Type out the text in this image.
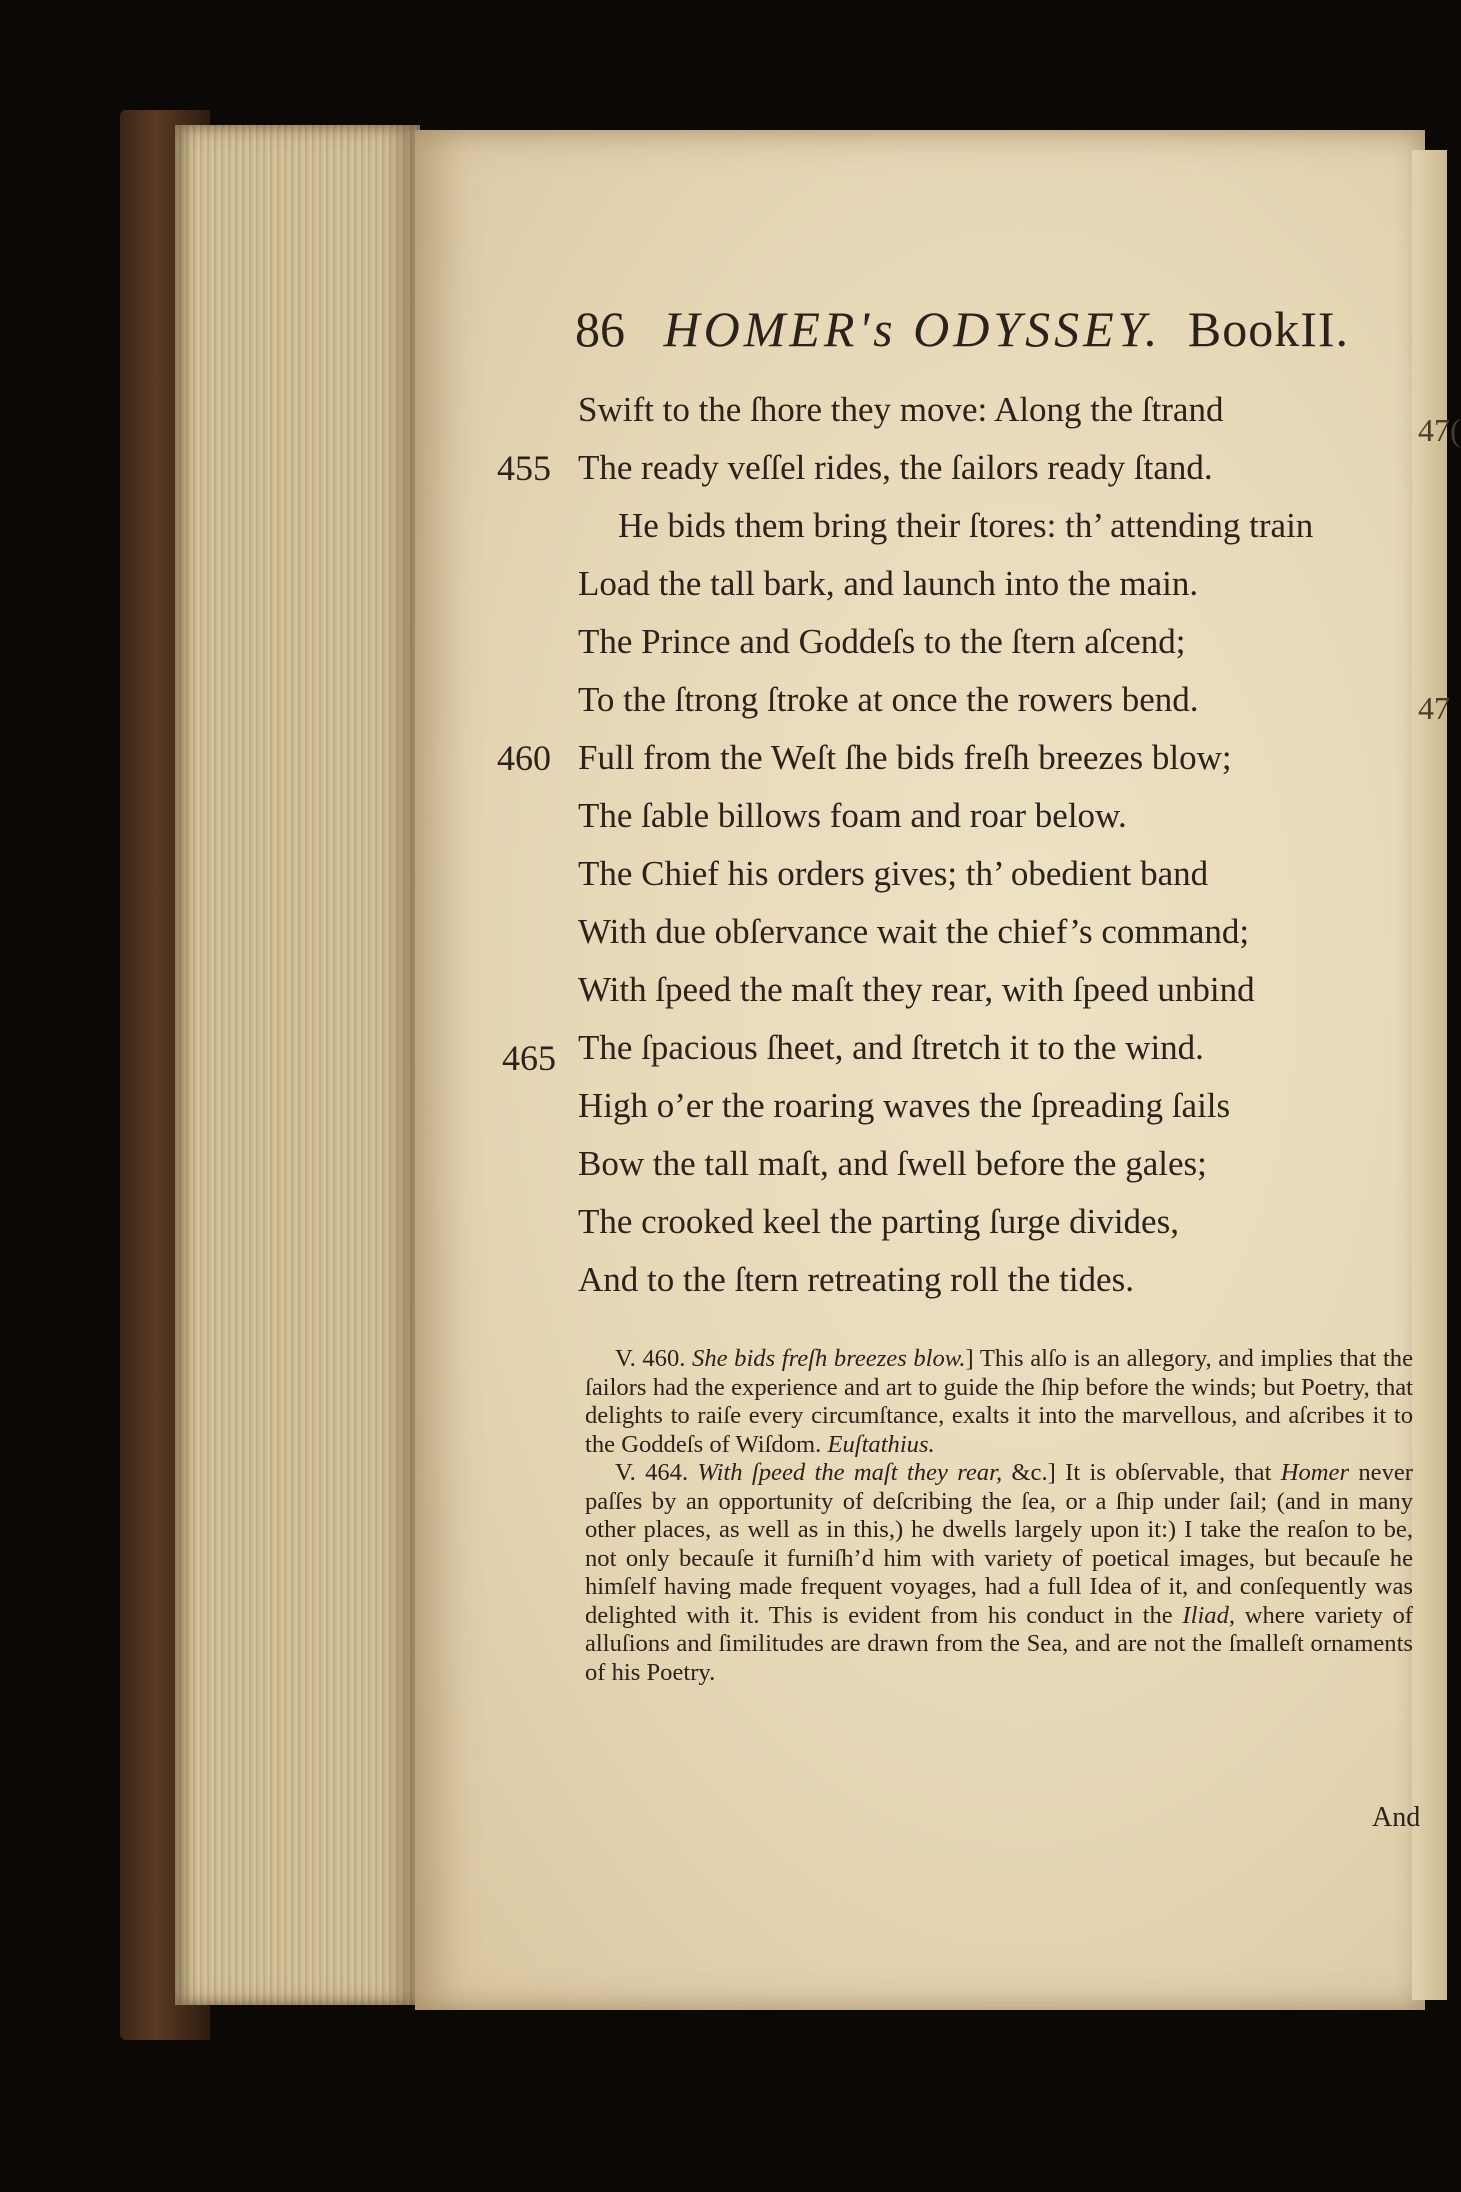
86 HOMER's ODYSSEY. BookII.
Swift to the ſhore they move: Along the ſtrand
The ready veſſel rides, the ſailors ready ſtand.
455
He bids them bring their ſtores: th’ attending train
Load the tall bark, and launch into the main.
The Prince and Goddeſs to the ſtern aſcend;
To the ſtrong ſtroke at once the rowers bend.
Full from the Weſt ſhe bids freſh breezes blow;
460
The ſable billows foam and roar below.
The Chief his orders gives; th’ obedient band
With due obſervance wait the chief’s command;
With ſpeed the maſt they rear, with ſpeed unbind
The ſpacious ſheet, and ſtretch it to the wind.
465
High o’er the roaring waves the ſpreading ſails
Bow the tall maſt, and ſwell before the gales;
The crooked keel the parting ſurge divides,
And to the ſtern retreating roll the tides.
47(
47

V. 460. She bids freſh breezes blow.] This alſo is an allegory, and implies that the ſailors had the experience and art to guide the ſhip before the winds; but Poetry, that delights to raiſe every circumſtance, exalts it into the marvellous, and aſcribes it to the Goddeſs of Wiſdom. Euſtathius.

V. 464. With ſpeed the maſt they rear, &c.] It is obſervable, that Homer never paſſes by an opportunity of deſcribing the ſea, or a ſhip under ſail; (and in many other places, as well as in this,) he dwells largely upon it:) I take the reaſon to be, not only becauſe it furniſh’d him with variety of poetical images, but becauſe he himſelf having made frequent voyages, had a full Idea of it, and conſequently was delighted with it. This is evident from his conduct in the Iliad, where variety of alluſions and ſimilitudes are drawn from the Sea, and are not the ſmalleſt ornaments of his Poetry.

And
